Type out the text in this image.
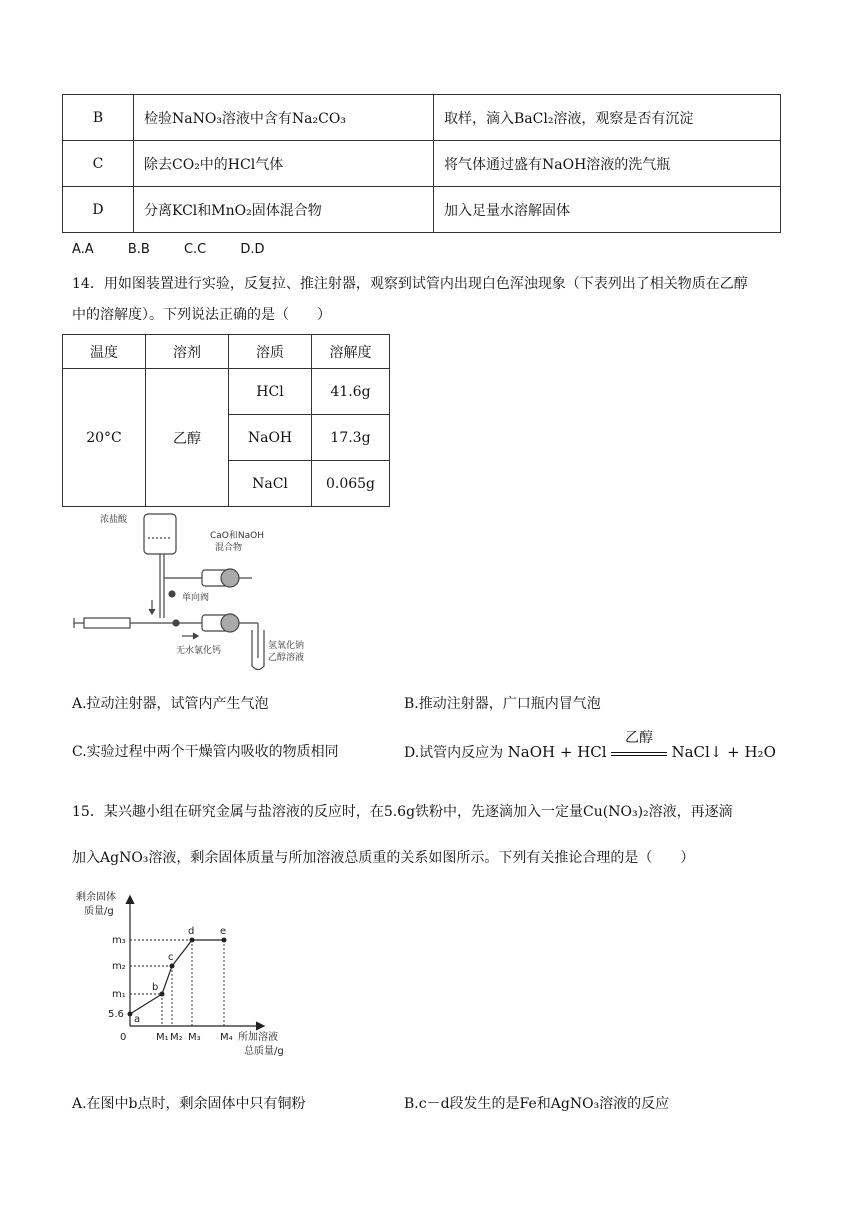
B	检验NaNO₃溶液中含有Na₂CO₃	取样，滴入BaCl₂溶液，观察是否有沉淀
C	除去CO₂中的HCl气体	将气体通过盛有NaOH溶液的洗气瓶
D	分离KCl和MnO₂固体混合物	加入足量水溶解固体
A.A	B.B	C.C	D.D
14．用如图装置进行实验，反复拉、推注射器，观察到试管内出现白色浑浊现象（下表列出了相关物质在乙醇
中的溶解度）。下列说法正确的是（　　）
温度	溶剂	溶质	溶解度
20°C	乙醇	HCl	41.6g
		NaOH	17.3g
		NaCl	0.065g
浓盐酸
CaO和NaOH
混合物
单向阀
无水氯化钙	氢氧化钠
乙醇溶液
A.拉动注射器，试管内产生气泡	B.推动注射器，广口瓶内冒气泡
C.实验过程中两个干燥管内吸收的物质相同	D.试管内反应为 NaOH + HCl
乙醇
NaCl↓ + H₂O
15．某兴趣小组在研究金属与盐溶液的反应时，在5.6g铁粉中，先逐滴加入一定量Cu(NO₃)₂溶液，再逐滴
加入AgNO₃溶液，剩余固体质量与所加溶液总质重的关系如图所示。下列有关推论合理的是（　　）
剩余固体
质量/g
5.6
m₁
m₂
m₃
0	M₁ M₂ M₃ M₄ 所加溶液
总质量/g
a
b
c
d	e
A.在图中b点时，剩余固体中只有铜粉	B.c－d段发生的是Fe和AgNO₃溶液的反应
